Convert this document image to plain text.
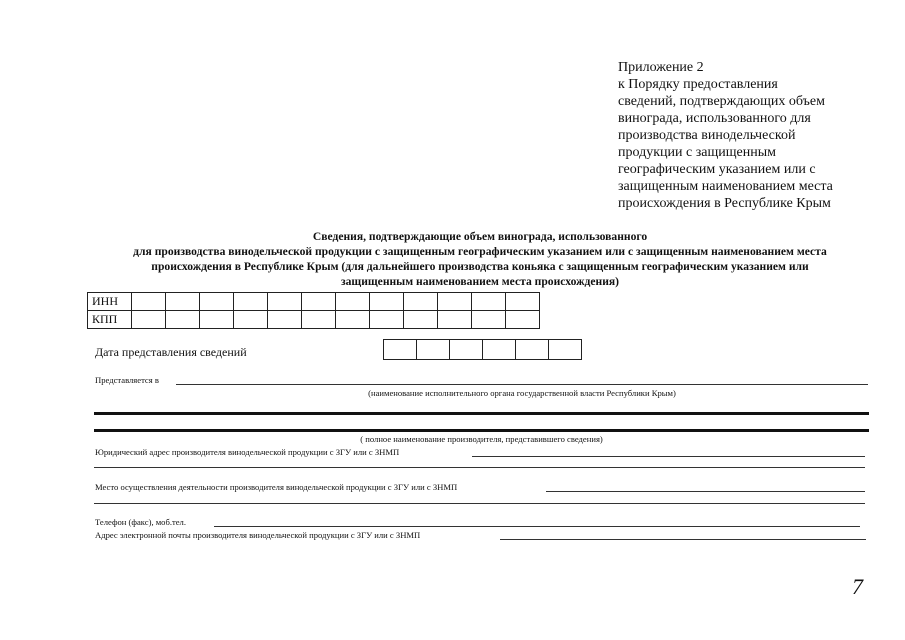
Приложение 2
к Порядку предоставления
сведений, подтверждающих объем
винограда, использованного для
производства винодельческой
продукции с защищенным
географическим указанием или с
защищенным наименованием места
происхождения в Республике Крым
Сведения, подтверждающие объем винограда, использованного
для производства винодельческой продукции с защищенным географическим указанием или с защищенным наименованием места
происхождения в Республике Крым (для дальнейшего производства коньяка с защищенным географическим указанием или
защищенным наименованием места происхождения)
ИНН												
КПП												
Дата представления сведений

Представляется в
(наименование исполнительного органа государственной власти Республики Крым)
( полное наименование производителя, представившего сведения)
Юридический адрес производителя винодельческой продукции с ЗГУ или с ЗНМП
Место осуществления деятельности производителя винодельческой продукции с ЗГУ или с ЗНМП
Телефон (факс), моб.тел.
Адрес электронной почты производителя винодельческой продукции с ЗГУ или с ЗНМП
7
